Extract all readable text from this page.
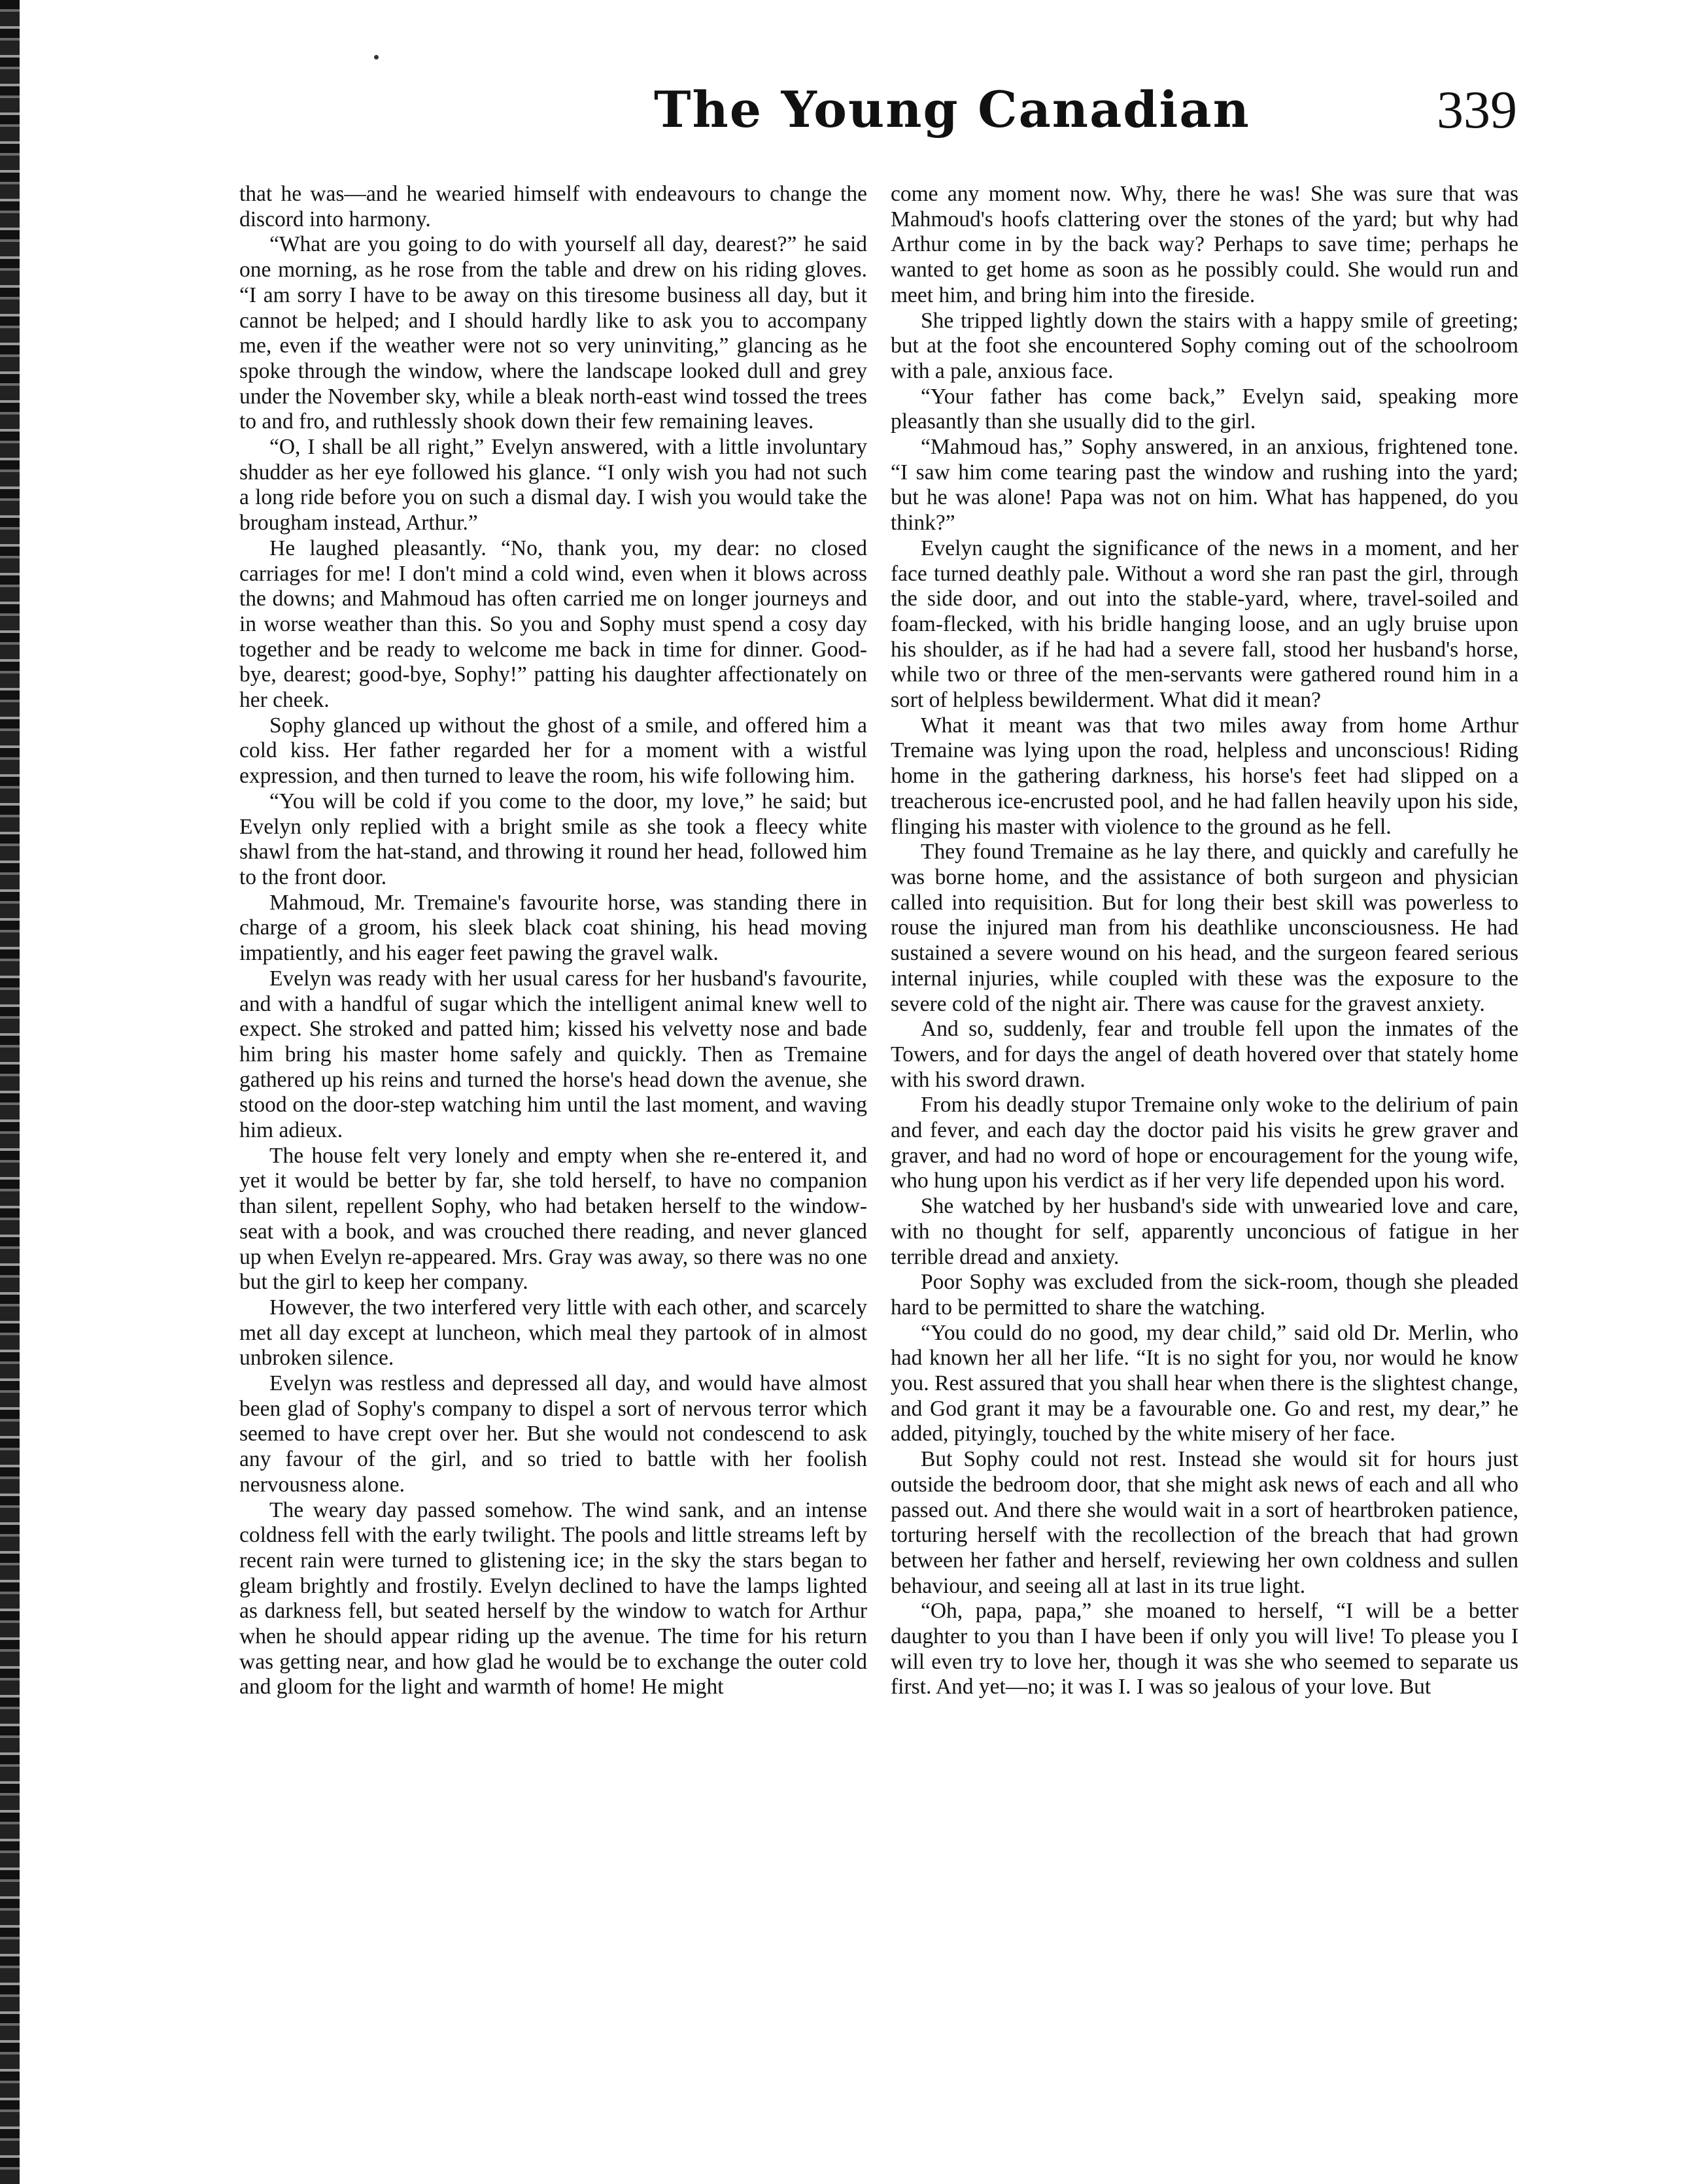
The Young Canadian	339

that he was—and he wearied himself with endeavours to change the discord into harmony.

“What are you going to do with yourself all day, dearest?” he said one morning, as he rose from the table and drew on his riding gloves. “I am sorry I have to be away on this tiresome business all day, but it cannot be helped; and I should hardly like to ask you to accompany me, even if the weather were not so very uninviting,” glancing as he spoke through the window, where the landscape looked dull and grey under the November sky, while a bleak north-east wind tossed the trees to and fro, and ruthlessly shook down their few remaining leaves.

“O, I shall be all right,” Evelyn answered, with a little involuntary shudder as her eye followed his glance. “I only wish you had not such a long ride before you on such a dismal day. I wish you would take the brougham instead, Arthur.”

He laughed pleasantly. “No, thank you, my dear: no closed carriages for me! I don't mind a cold wind, even when it blows across the downs; and Mahmoud has often carried me on longer journeys and in worse weather than this. So you and Sophy must spend a cosy day together and be ready to welcome me back in time for dinner. Good-bye, dearest; good-bye, Sophy!” patting his daughter affectionately on her cheek.

Sophy glanced up without the ghost of a smile, and offered him a cold kiss. Her father regarded her for a moment with a wistful expression, and then turned to leave the room, his wife following him.

“You will be cold if you come to the door, my love,” he said; but Evelyn only replied with a bright smile as she took a fleecy white shawl from the hat-stand, and throwing it round her head, followed him to the front door.

Mahmoud, Mr. Tremaine's favourite horse, was standing there in charge of a groom, his sleek black coat shining, his head moving impatiently, and his eager feet pawing the gravel walk.

Evelyn was ready with her usual caress for her husband's favourite, and with a handful of sugar which the intelligent animal knew well to expect. She stroked and patted him; kissed his velvetty nose and bade him bring his master home safely and quickly. Then as Tremaine gathered up his reins and turned the horse's head down the avenue, she stood on the door-step watching him until the last moment, and waving him adieux.

The house felt very lonely and empty when she re-entered it, and yet it would be better by far, she told herself, to have no companion than silent, repellent Sophy, who had betaken herself to the window-seat with a book, and was crouched there reading, and never glanced up when Evelyn re-appeared. Mrs. Gray was away, so there was no one but the girl to keep her company.

However, the two interfered very little with each other, and scarcely met all day except at luncheon, which meal they partook of in almost unbroken silence.

Evelyn was restless and depressed all day, and would have almost been glad of Sophy's company to dispel a sort of nervous terror which seemed to have crept over her. But she would not condescend to ask any favour of the girl, and so tried to battle with her foolish nervousness alone.

The weary day passed somehow. The wind sank, and an intense coldness fell with the early twilight. The pools and little streams left by recent rain were turned to glistening ice; in the sky the stars began to gleam brightly and frostily. Evelyn declined to have the lamps lighted as darkness fell, but seated herself by the window to watch for Arthur when he should appear riding up the avenue. The time for his return was getting near, and how glad he would be to exchange the outer cold and gloom for the light and warmth of home! He might

come any moment now. Why, there he was! She was sure that was Mahmoud's hoofs clattering over the stones of the yard; but why had Arthur come in by the back way? Perhaps to save time; perhaps he wanted to get home as soon as he possibly could. She would run and meet him, and bring him into the fireside.

She tripped lightly down the stairs with a happy smile of greeting; but at the foot she encountered Sophy coming out of the schoolroom with a pale, anxious face.

“Your father has come back,” Evelyn said, speaking more pleasantly than she usually did to the girl.

“Mahmoud has,” Sophy answered, in an anxious, frightened tone. “I saw him come tearing past the window and rushing into the yard; but he was alone! Papa was not on him. What has happened, do you think?”

Evelyn caught the significance of the news in a moment, and her face turned deathly pale. Without a word she ran past the girl, through the side door, and out into the stable-yard, where, travel-soiled and foam-flecked, with his bridle hanging loose, and an ugly bruise upon his shoulder, as if he had had a severe fall, stood her husband's horse, while two or three of the men-servants were gathered round him in a sort of helpless bewilderment. What did it mean?

What it meant was that two miles away from home Arthur Tremaine was lying upon the road, helpless and unconscious! Riding home in the gathering darkness, his horse's feet had slipped on a treacherous ice-encrusted pool, and he had fallen heavily upon his side, flinging his master with violence to the ground as he fell.

They found Tremaine as he lay there, and quickly and carefully he was borne home, and the assistance of both surgeon and physician called into requisition. But for long their best skill was powerless to rouse the injured man from his deathlike unconsciousness. He had sustained a severe wound on his head, and the surgeon feared serious internal injuries, while coupled with these was the exposure to the severe cold of the night air. There was cause for the gravest anxiety.

And so, suddenly, fear and trouble fell upon the inmates of the Towers, and for days the angel of death hovered over that stately home with his sword drawn.

From his deadly stupor Tremaine only woke to the delirium of pain and fever, and each day the doctor paid his visits he grew graver and graver, and had no word of hope or encouragement for the young wife, who hung upon his verdict as if her very life depended upon his word.

She watched by her husband's side with unwearied love and care, with no thought for self, apparently unconcious of fatigue in her terrible dread and anxiety.

Poor Sophy was excluded from the sick-room, though she pleaded hard to be permitted to share the watching.

“You could do no good, my dear child,” said old Dr. Merlin, who had known her all her life. “It is no sight for you, nor would he know you. Rest assured that you shall hear when there is the slightest change, and God grant it may be a favourable one. Go and rest, my dear,” he added, pityingly, touched by the white misery of her face.

But Sophy could not rest. Instead she would sit for hours just outside the bedroom door, that she might ask news of each and all who passed out. And there she would wait in a sort of heartbroken patience, torturing herself with the recollection of the breach that had grown between her father and herself, reviewing her own coldness and sullen behaviour, and seeing all at last in its true light.

“Oh, papa, papa,” she moaned to herself, “I will be a better daughter to you than I have been if only you will live! To please you I will even try to love her, though it was she who seemed to separate us first. And yet—no; it was I. I was so jealous of your love. But
